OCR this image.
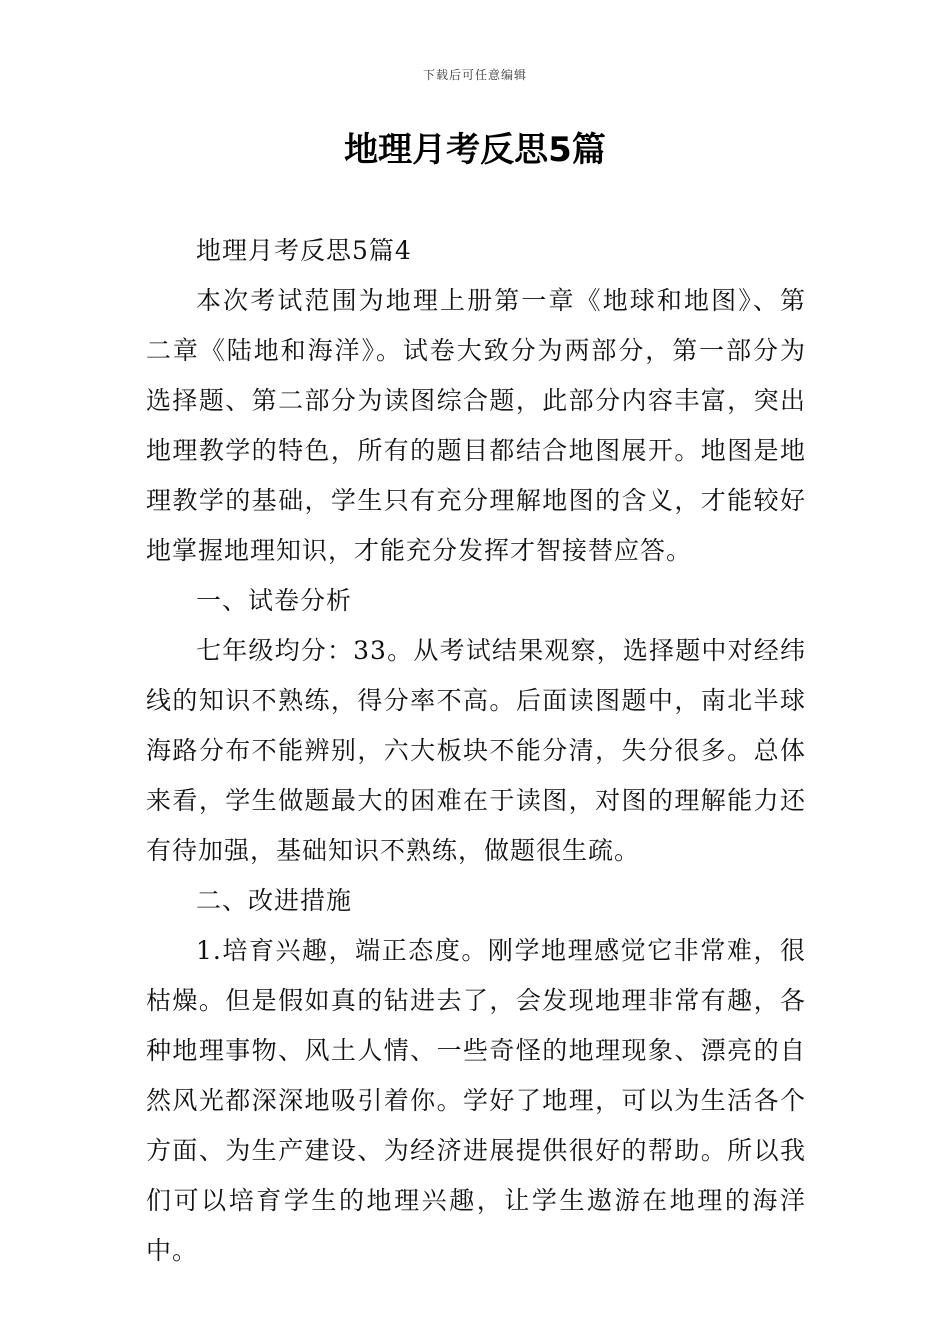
下载后可任意编辑
地理月考反思5篇

地理月考反思5篇4

本次考试范围为地理上册第一章《地球和地图》、第二章《陆地和海洋》。试卷大致分为两部分，第一部分为选择题、第二部分为读图综合题，此部分内容丰富，突出地理教学的特色，所有的题目都结合地图展开。地图是地理教学的基础，学生只有充分理解地图的含义，才能较好地掌握地理知识，才能充分发挥才智接替应答。

一、试卷分析

七年级均分：33。从考试结果观察，选择题中对经纬线的知识不熟练，得分率不高。后面读图题中，南北半球海路分布不能辨别，六大板块不能分清，失分很多。总体来看，学生做题最大的困难在于读图，对图的理解能力还有待加强，基础知识不熟练，做题很生疏。

二、改进措施

1.培育兴趣，端正态度。刚学地理感觉它非常难，很枯燥。但是假如真的钻进去了，会发现地理非常有趣，各种地理事物、风土人情、一些奇怪的地理现象、漂亮的自然风光都深深地吸引着你。学好了地理，可以为生活各个方面、为生产建设、为经济进展提供很好的帮助。所以我们可以培育学生的地理兴趣，让学生遨游在地理的海洋中。
